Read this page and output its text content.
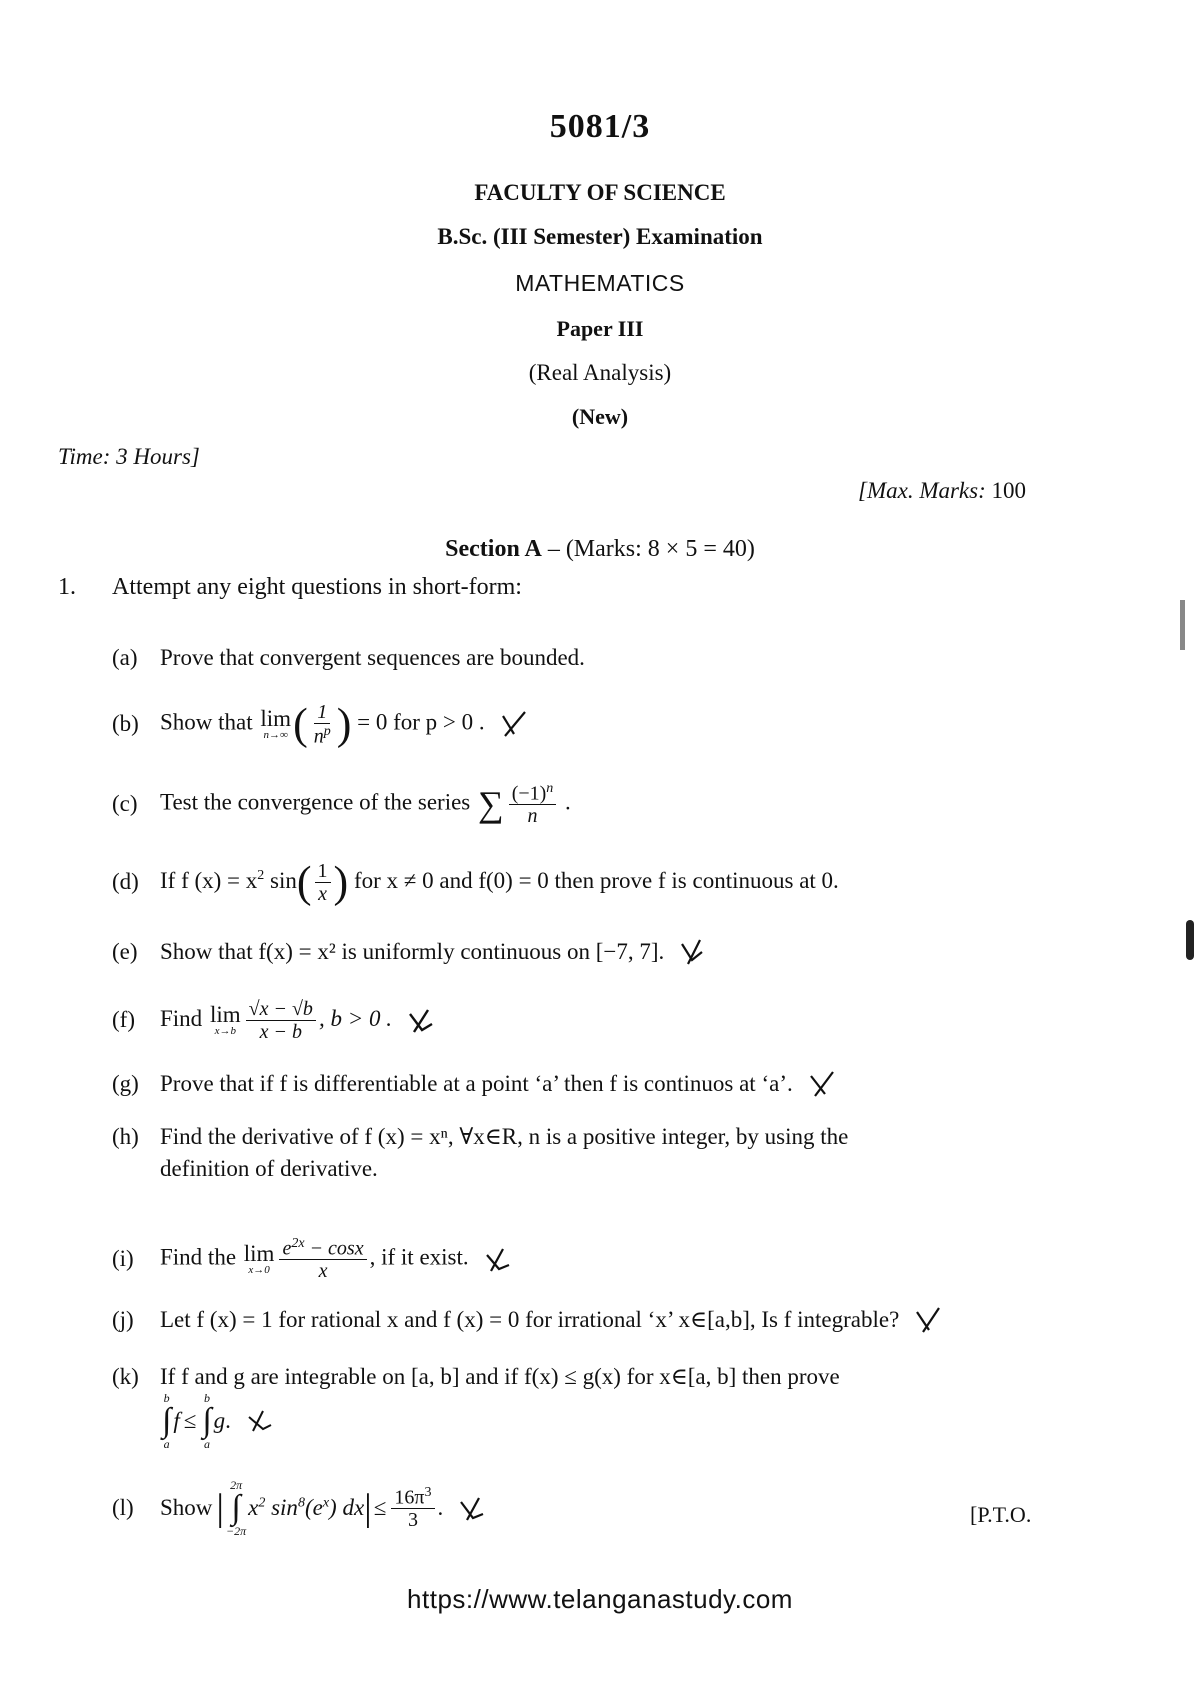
5081/3
FACULTY OF SCIENCE
B.Sc. (III Semester) Examination
MATHEMATICS
Paper III
(Real Analysis)
(New)
Time: 3 Hours]
[Max. Marks: 100
Section A – (Marks: 8 × 5 = 40)
1. Attempt any eight questions in short-form:
(a) Prove that convergent sequences are bounded.
(b) Show that lim
n→∞ ( $\frac{1}{n^p}$ ) = 0 for p > 0 .
(c) Test the convergence of the series ∑ $\frac{(-1)^n}{n}$ .
(d) If f $(x) = x^2$ $\sin( \frac{1}{x}$ ) for x ≠ 0 and f(0) = 0 then prove f is continuous at 0.
(e) Show that f(x) = x² is uniformly continuous on [−7, 7].
(f)	Find lim
$x\to b \frac{√x - √b}{x - b}$ , b > 0 .
(g) Prove that if f is differentiable at a point ‘a’ then f is continuos at ‘a’.
(h) Find the derivative of f (x) = xⁿ, ∀x∈R, n is a positive integer, by using the
definition of derivative.
(i)	Find the lim
$x\to 0 \frac{e^{2x} - \cos x}{x}$ , if it exist.
(j)	Let f (x) = 1 for rational x and f (x) = 0 for irrational ‘x’ x∈[a,b], Is f integrable?
(k) If f and g are integrable on [a, b] and if f(x) ≤ g(x) for x∈[a, b] then prove
b
∫
a
f ≤
b
∫
a
g .
(l)	Show |
2π
∫
−2π
$x^2$ $\sin^8(e^x)$ dx | ≤ $\frac{16\pi^3}{3}$ .	[P.T.O.
https://www.telanganastudy.com
